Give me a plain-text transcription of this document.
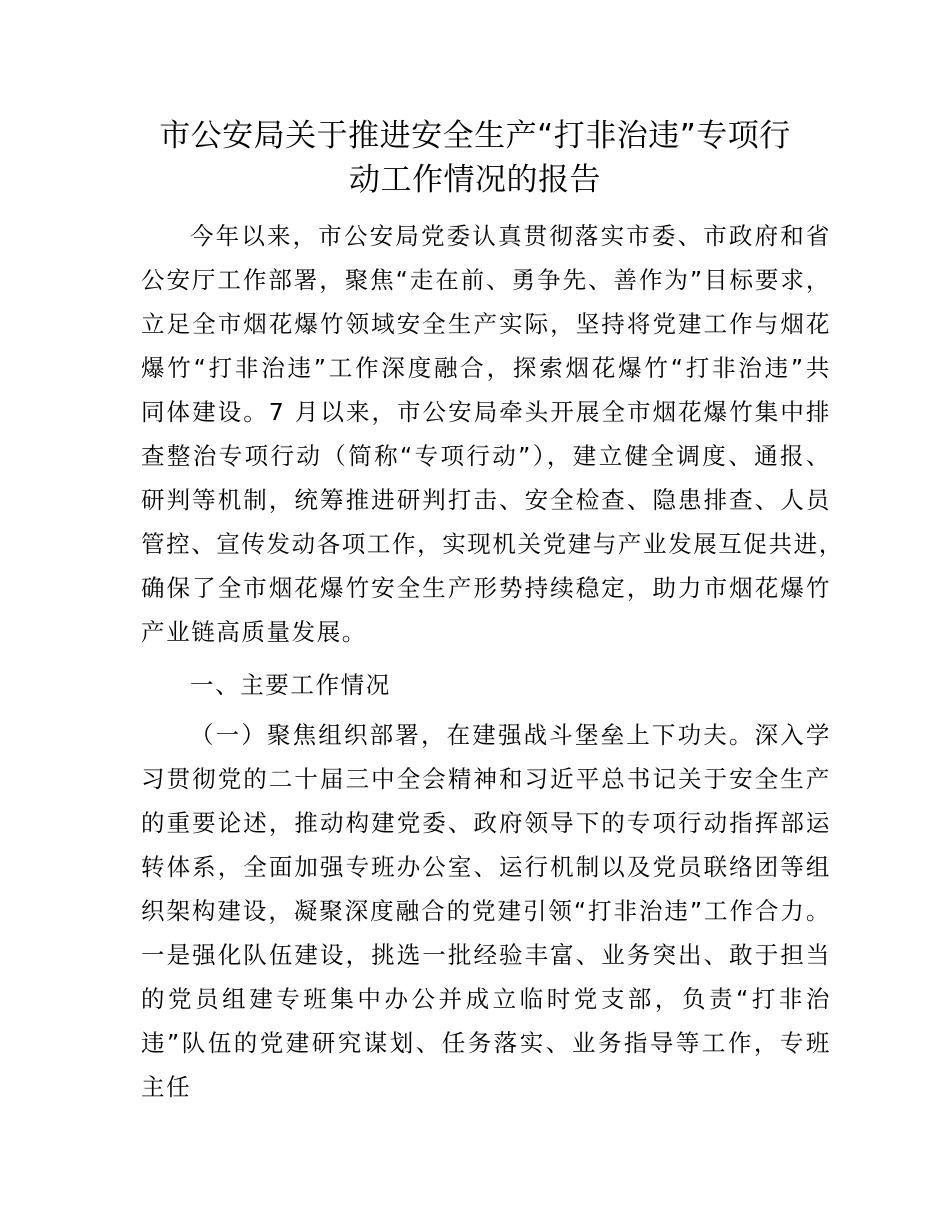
市公安局关于推进安全生产“打非治违”专项行
动工作情况的报告
今年以来，市公安局党委认真贯彻落实市委、市政府和省
公安厅工作部署，聚焦“走在前、勇争先、善作为”目标要求，
立足全市烟花爆竹领域安全生产实际，坚持将党建工作与烟花
爆竹“打非治违”工作深度融合，探索烟花爆竹“打非治违”共
同体建设。7 月以来，市公安局牵头开展全市烟花爆竹集中排
查整治专项行动（简称“专项行动”），建立健全调度、通报、
研判等机制，统筹推进研判打击、安全检查、隐患排查、人员
管控、宣传发动各项工作，实现机关党建与产业发展互促共进，
确保了全市烟花爆竹安全生产形势持续稳定，助力市烟花爆竹
产业链高质量发展。
一、主要工作情况
（一）聚焦组织部署，在建强战斗堡垒上下功夫。深入学
习贯彻党的二十届三中全会精神和习近平总书记关于安全生产
的重要论述，推动构建党委、政府领导下的专项行动指挥部运
转体系，全面加强专班办公室、运行机制以及党员联络团等组
织架构建设，凝聚深度融合的党建引领“打非治违”工作合力。
一是强化队伍建设，挑选一批经验丰富、业务突出、敢于担当
的党员组建专班集中办公并成立临时党支部，负责“打非治
违”队伍的党建研究谋划、任务落实、业务指导等工作，专班
主任
